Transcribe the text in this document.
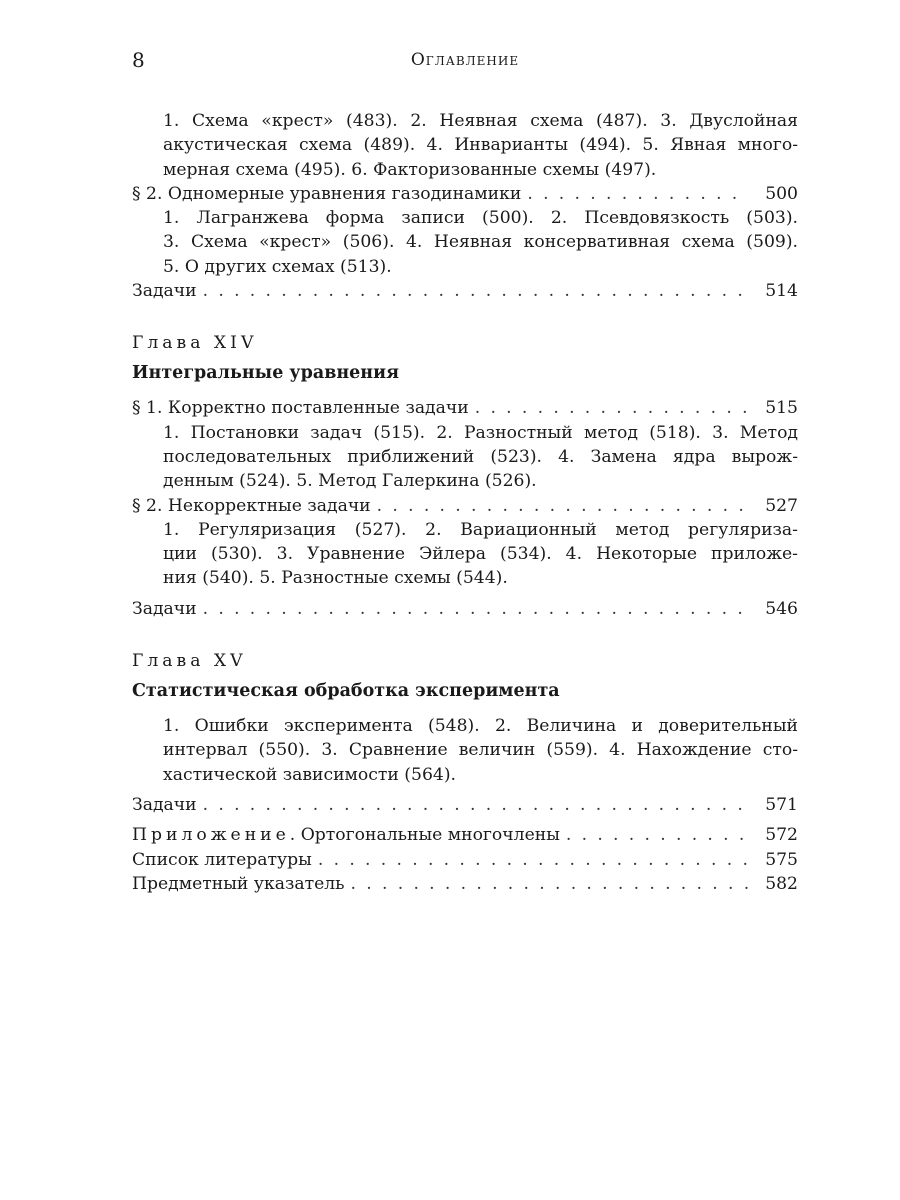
8	Оглавление
1. Схема «крест» (483). 2. Неявная схема (487). 3. Двуслойная
акустическая схема (489). 4. Инварианты (494). 5. Явная много-
мерная схема (495). 6. Факторизованные схемы (497).
§ 2. Одномерные уравнения газодинамики . . .	500
1. Лагранжева форма записи (500). 2. Псевдовязкость (503).
3. Схема «крест» (506). 4. Неявная консервативная схема (509).
5. О других схемах (513).
Задачи . . .	514
Глава XIV
Интегральные уравнения
§ 1. Корректно поставленные задачи . . .	515
1. Постановки задач (515). 2. Разностный метод (518). 3. Метод
последовательных приближений (523). 4. Замена ядра вырож-
денным (524). 5. Метод Галеркина (526).
§ 2. Некорректные задачи . . .	527
1. Регуляризация (527). 2. Вариационный метод регуляриза-
ции (530). 3. Уравнение Эйлера (534). 4. Некоторые приложе-
ния (540). 5. Разностные схемы (544).
Задачи . . .	546
Глава XV
Статистическая обработка эксперимента
1. Ошибки эксперимента (548). 2. Величина и доверительный
интервал (550). 3. Сравнение величин (559). 4. Нахождение сто-
хастической зависимости (564).
Задачи . . .	571
Приложение. Ортогональные многочлены . . .	572
Список литературы . . .	575
Предметный указатель . . .	582
